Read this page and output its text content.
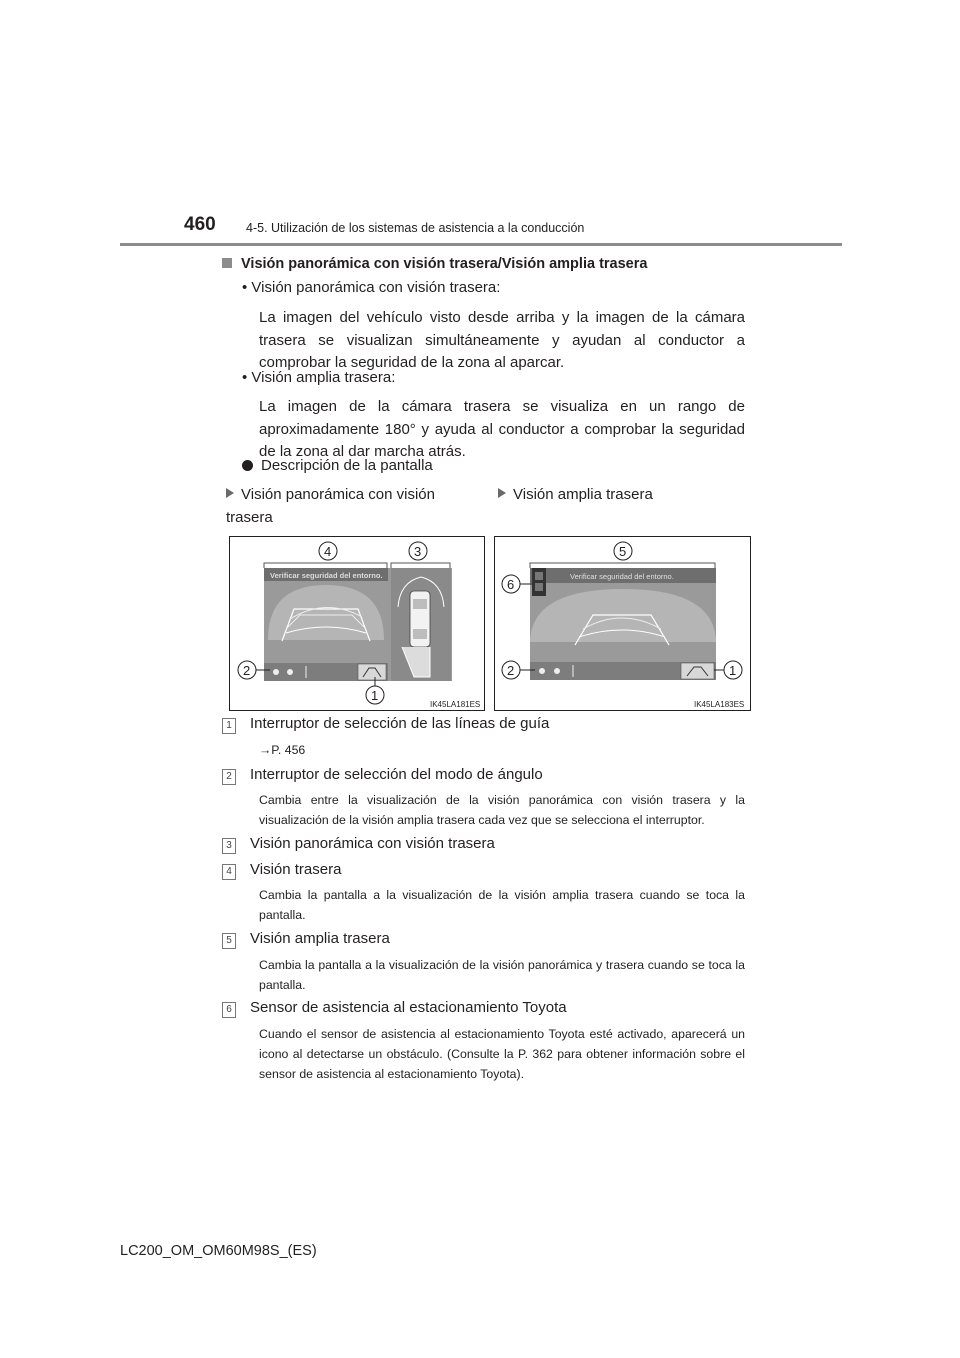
460 4-5. Utilización de los sistemas de asistencia a la conducción
Visión panorámica con visión trasera/Visión amplia trasera
• Visión panorámica con visión trasera:
La imagen del vehículo visto desde arriba y la imagen de la cámara trasera se visualizan simultáneamente y ayudan al conductor a comprobar la seguridad de la zona al aparcar.
• Visión amplia trasera:
La imagen de la cámara trasera se visualiza en un rango de aproximadamente 180° y ayuda al conductor a comprobar la seguridad de la zona al dar marcha atrás.
Descripción de la pantalla
Visión panorámica con visión trasera
Visión amplia trasera
Verificar seguridad del entorno.
4	3
2
1
IK45LA181ES
Verificar seguridad del entorno.
5
6
2	1
IK45LA183ES
1 Interruptor de selección de las líneas de guía
→P. 456
2 Interruptor de selección del modo de ángulo
Cambia entre la visualización de la visión panorámica con visión trasera y la visualización de la visión amplia trasera cada vez que se selecciona el interruptor.
3 Visión panorámica con visión trasera
4 Visión trasera
Cambia la pantalla a la visualización de la visión amplia trasera cuando se toca la pantalla.
5 Visión amplia trasera
Cambia la pantalla a la visualización de la visión panorámica y trasera cuando se toca la pantalla.
6 Sensor de asistencia al estacionamiento Toyota
Cuando el sensor de asistencia al estacionamiento Toyota esté activado, aparecerá un icono al detectarse un obstáculo. (Consulte la P. 362 para obtener información sobre el sensor de asistencia al estacionamiento Toyota).
LC200_OM_OM60M98S_(ES)
